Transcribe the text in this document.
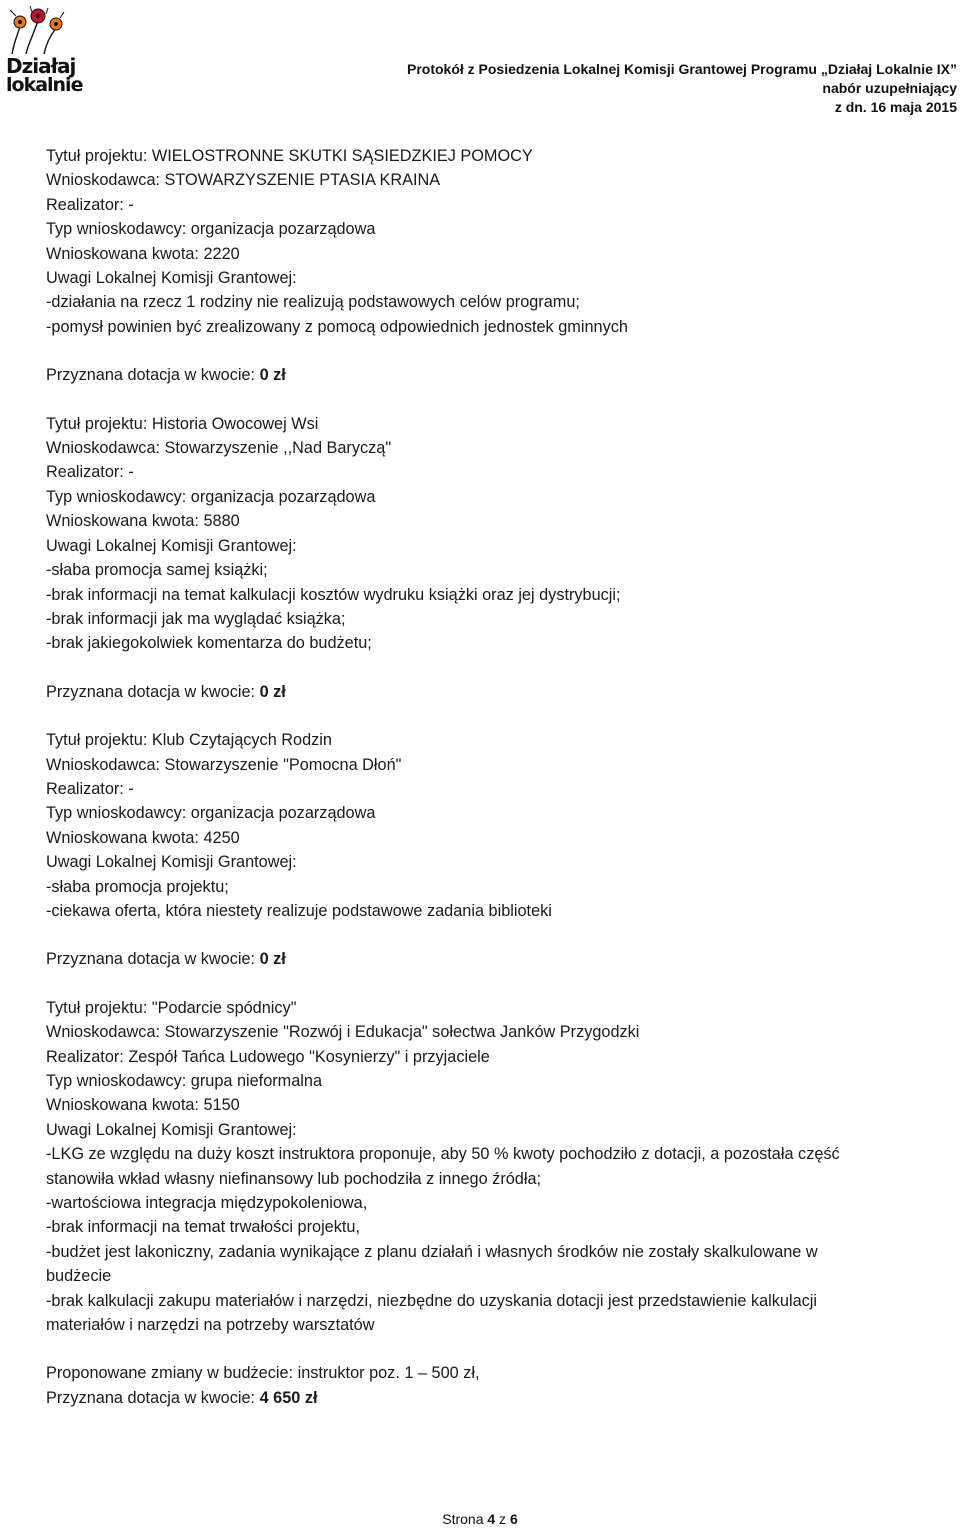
Działaj
lokalnie
Protokół z Posiedzenia Lokalnej Komisji Grantowej Programu „Działaj Lokalnie IX”
nabór uzupełniający
z dn. 16 maja 2015

Tytuł projektu: WIELOSTRONNE SKUTKI SĄSIEDZKIEJ POMOCY

Wnioskodawca: STOWARZYSZENIE PTASIA KRAINA

Realizator: -

Typ wnioskodawcy: organizacja pozarządowa

Wnioskowana kwota: 2220

Uwagi Lokalnej Komisji Grantowej:

-działania na rzecz 1 rodziny nie realizują podstawowych celów programu;

-pomysł powinien być zrealizowany z pomocą odpowiednich jednostek gminnych

Przyznana dotacja w kwocie: 0 zł

Tytuł projektu: Historia Owocowej Wsi

Wnioskodawca: Stowarzyszenie ,,Nad Baryczą"

Realizator: -

Typ wnioskodawcy: organizacja pozarządowa

Wnioskowana kwota: 5880

Uwagi Lokalnej Komisji Grantowej:

-słaba promocja samej książki;

-brak informacji na temat kalkulacji kosztów wydruku książki oraz jej dystrybucji;

-brak informacji jak ma wyglądać książka;

-brak jakiegokolwiek komentarza do budżetu;

Przyznana dotacja w kwocie: 0 zł

Tytuł projektu: Klub Czytających Rodzin

Wnioskodawca: Stowarzyszenie "Pomocna Dłoń"

Realizator: -

Typ wnioskodawcy: organizacja pozarządowa

Wnioskowana kwota: 4250

Uwagi Lokalnej Komisji Grantowej:

-słaba promocja projektu;

-ciekawa oferta, która niestety realizuje podstawowe zadania biblioteki

Przyznana dotacja w kwocie: 0 zł

Tytuł projektu: "Podarcie spódnicy"

Wnioskodawca: Stowarzyszenie "Rozwój i Edukacja" sołectwa Janków Przygodzki

Realizator: Zespół Tańca Ludowego "Kosynierzy" i przyjaciele

Typ wnioskodawcy: grupa nieformalna

Wnioskowana kwota: 5150

Uwagi Lokalnej Komisji Grantowej:

-LKG ze względu na duży koszt instruktora proponuje, aby 50 % kwoty pochodziło z dotacji, a pozostała część

stanowiła wkład własny niefinansowy lub pochodziła z innego źródła;

-wartościowa integracja międzypokoleniowa,

-brak informacji na temat trwałości projektu,

-budżet jest lakoniczny, zadania wynikające z planu działań i własnych środków nie zostały skalkulowane w

budżecie

-brak kalkulacji zakupu materiałów i narzędzi, niezbędne do uzyskania dotacji jest przedstawienie kalkulacji

materiałów i narzędzi na potrzeby warsztatów

Proponowane zmiany w budżecie: instruktor poz. 1 – 500 zł,

Przyznana dotacja w kwocie: 4 650 zł

Strona 4 z 6
